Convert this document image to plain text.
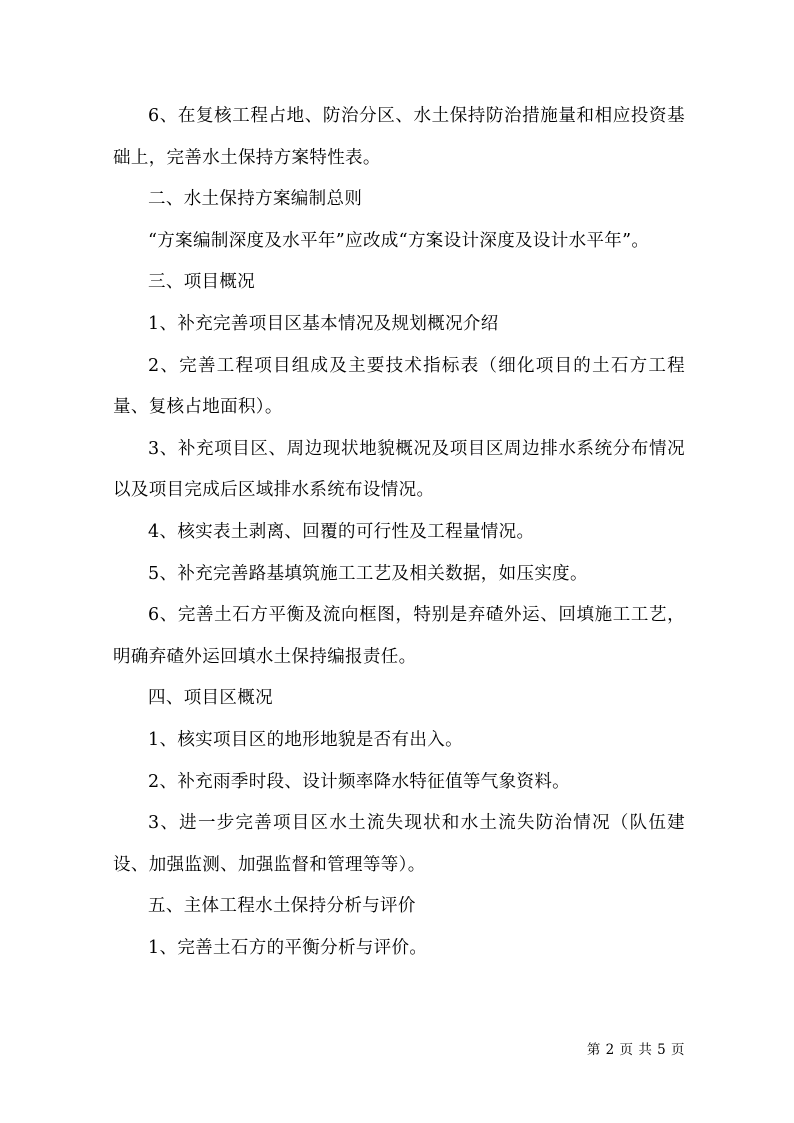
6、在复核工程占地、防治分区、水土保持防治措施量和相应投资基础上，完善水土保持方案特性表。

二、水土保持方案编制总则

“方案编制深度及水平年”应改成“方案设计深度及设计水平年”。

三、项目概况

1、补充完善项目区基本情况及规划概况介绍

2、完善工程项目组成及主要技术指标表（细化项目的土石方工程量、复核占地面积）。

3、补充项目区、周边现状地貌概况及项目区周边排水系统分布情况以及项目完成后区域排水系统布设情况。

4、核实表土剥离、回覆的可行性及工程量情况。

5、补充完善路基填筑施工工艺及相关数据，如压实度。

6、完善土石方平衡及流向框图，特别是弃碴外运、回填施工工艺，明确弃碴外运回填水土保持编报责任。

四、项目区概况

1、核实项目区的地形地貌是否有出入。

2、补充雨季时段、设计频率降水特征值等气象资料。

3、进一步完善项目区水土流失现状和水土流失防治情况（队伍建设、加强监测、加强监督和管理等等）。

五、主体工程水土保持分析与评价

1、完善土石方的平衡分析与评价。

第 2 页 共 5 页
